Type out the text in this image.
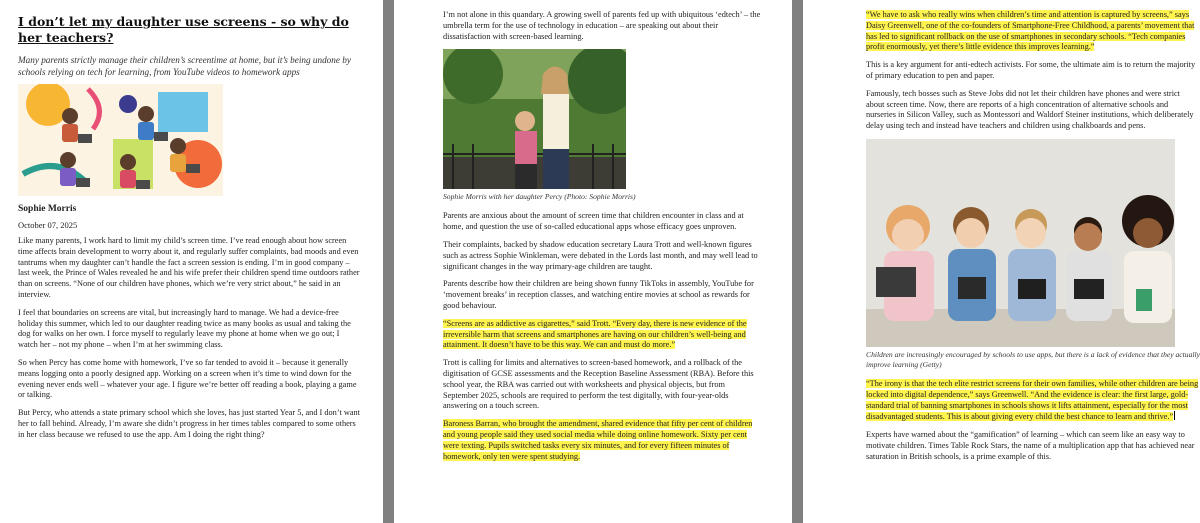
I don’t let my daughter use screens - so why do her teachers?
Many parents strictly manage their children’s screentime at home, but it’s being undone by schools relying on tech for learning, from YouTube videos to homework apps
Sophie Morris
October 07, 2025

Like many parents, I work hard to limit my child’s screen time. I’ve read enough about how screen time affects brain development to worry about it, and regularly suffer complaints, bad moods and even tantrums when my daughter can’t handle the fact a screen session is ending. I’m in good company – last week, the Prince of Wales revealed he and his wife prefer their children spend time outdoors rather than on screens. “None of our children have phones, which we’re very strict about,” he said in an interview.

I feel that boundaries on screens are vital, but increasingly hard to manage. We had a device-free holiday this summer, which led to our daughter reading twice as many books as usual and taking the dog for walks on her own. I force myself to regularly leave my phone at home when we go out; I watch her – not my phone – when I’m at her swimming class.

So when Percy has come home with homework, I’ve so far tended to avoid it – because it generally means logging onto a poorly designed app. Working on a screen when it’s time to wind down for the evening never ends well – whatever your age. I figure we’re better off reading a book, playing a game or talking.

But Percy, who attends a state primary school which she loves, has just started Year 5, and I don’t want her to fall behind. Already, I’m aware she didn’t progress in her times tables compared to some others in her class because we refused to use the app. Am I doing the right thing?

I’m not alone in this quandary. A growing swell of parents fed up with ubiquitous ‘edtech’ – the umbrella term for the use of technology in education – are speaking out about their dissatisfaction with screen-based learning.

Sophie Morris with her daughter Percy (Photo: Sophie Morris)

Parents are anxious about the amount of screen time that children encounter in class and at home, and question the use of so-called educational apps whose efficacy goes unproven.

Their complaints, backed by shadow education secretary Laura Trott and well-known figures such as actress Sophie Winkleman, were debated in the Lords last month, and may well lead to significant changes in the way primary-age children are taught.

Parents describe how their children are being shown funny TikToks in assembly, YouTube for ‘movement breaks’ in reception classes, and watching entire movies at school as rewards for good behaviour.

“Screens are as addictive as cigarettes,” said Trott. “Every day, there is new evidence of the irreversible harm that screens and smartphones are having on our children’s well-being and attainment. It doesn’t have to be this way. We can and must do more.”

Trott is calling for limits and alternatives to screen-based homework, and a rollback of the digitisation of GCSE assessments and the Reception Baseline Assessment (RBA). Before this school year, the RBA was carried out with worksheets and physical objects, but from September 2025, schools are required to perform the test digitally, with four-year-olds answering on a touch screen.

Baroness Barran, who brought the amendment, shared evidence that fifty per cent of children and young people said they used social media while doing online homework. Sixty per cent were texting. Pupils switched tasks every six minutes, and for every fifteen minutes of homework, only ten were spent studying.

“We have to ask who really wins when children’s time and attention is captured by screens,” says Daisy Greenwell, one of the co-founders of Smartphone-Free Childhood, a parents’ movement that has led to significant rollback on the use of smartphones in secondary schools. “Tech companies profit enormously, yet there’s little evidence this improves learning.”

This is a key argument for anti-edtech activists. For some, the ultimate aim is to return the majority of primary education to pen and paper.

Famously, tech bosses such as Steve Jobs did not let their children have phones and were strict about screen time. Now, there are reports of a high concentration of alternative schools and nurseries in Silicon Valley, such as Montessori and Waldorf Steiner institutions, which deliberately delay using tech and instead have teachers and children using chalkboards and pens.

Children are increasingly encouraged by schools to use apps, but there is a lack of evidence that they actually improve learning (Getty)

“The irony is that the tech elite restrict screens for their own families, while other children are being locked into digital dependence,” says Greenwell. “And the evidence is clear: the first large, gold-standard trial of banning smartphones in schools shows it lifts attainment, especially for the most disadvantaged students. This is about giving every child the best chance to learn and thrive.”

Experts have warned about the “gamification” of learning – which can seem like an easy way to motivate children. Times Table Rock Stars, the name of a multiplication app that has achieved near saturation in British schools, is a prime example of this.
